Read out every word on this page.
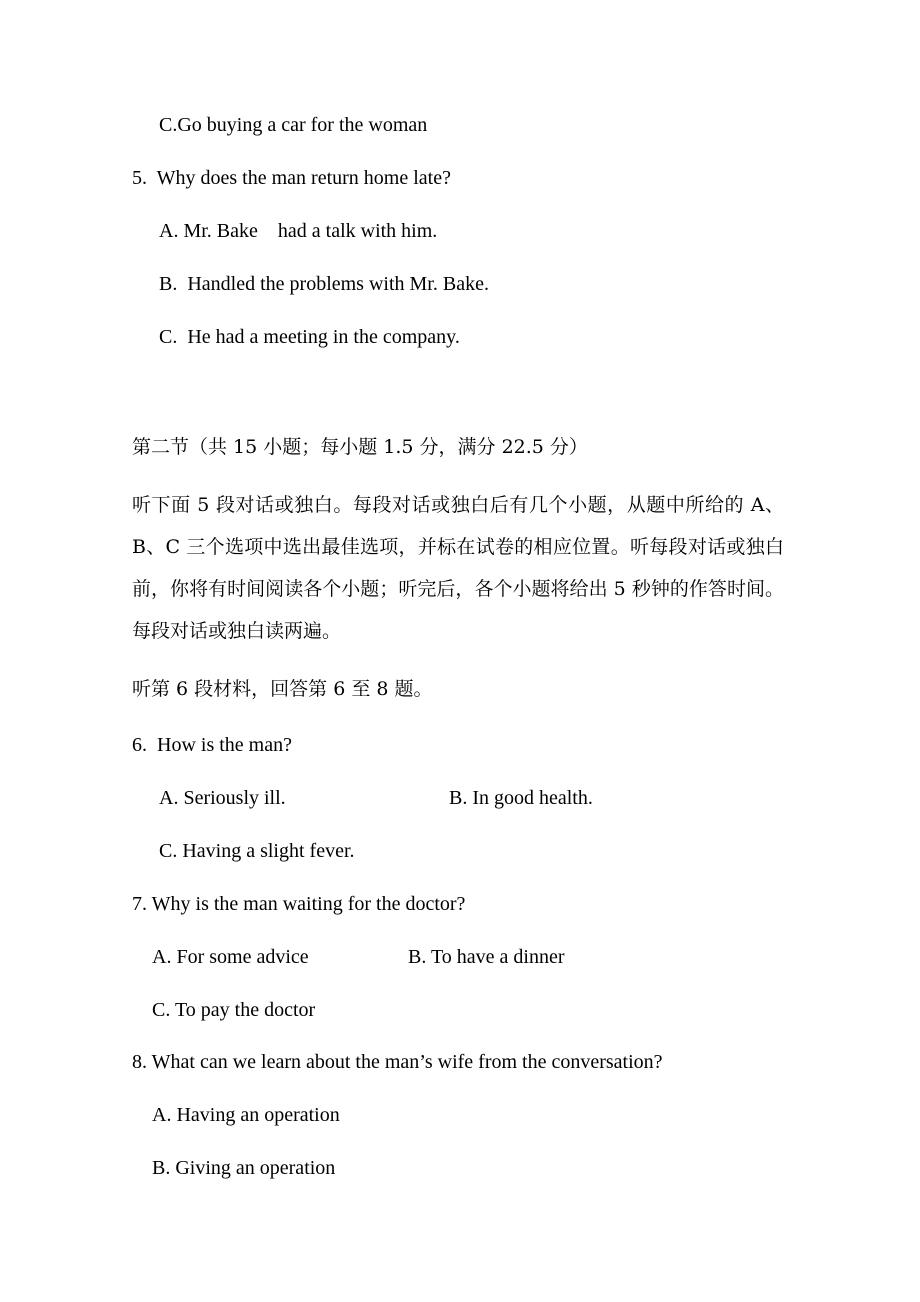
C.Go buying a car for the woman
5.  Why does the man return home late?
A. Mr. Bake    had a talk with him.
B.  Handled the problems with Mr. Bake.
C.  He had a meeting in the company.
第二节（共 15 小题；每小题 1.5 分，满分 22.5 分）
听下面 5 段对话或独白。每段对话或独白后有几个小题，从题中所给的 A、B、C 三个选项中选出最佳选项，并标在试卷的相应位置。听每段对话或独白前，你将有时间阅读各个小题；听完后，各个小题将给出 5 秒钟的作答时间。每段对话或独白读两遍。
听第 6 段材料，回答第 6 至 8 题。
6.  How is the man?
A. Seriously ill.	B. In good health.
C. Having a slight fever.
7. Why is the man waiting for the doctor?
A. For some advice	B. To have a dinner
C. To pay the doctor
8. What can we learn about the man’s wife from the conversation?
A. Having an operation
B. Giving an operation
